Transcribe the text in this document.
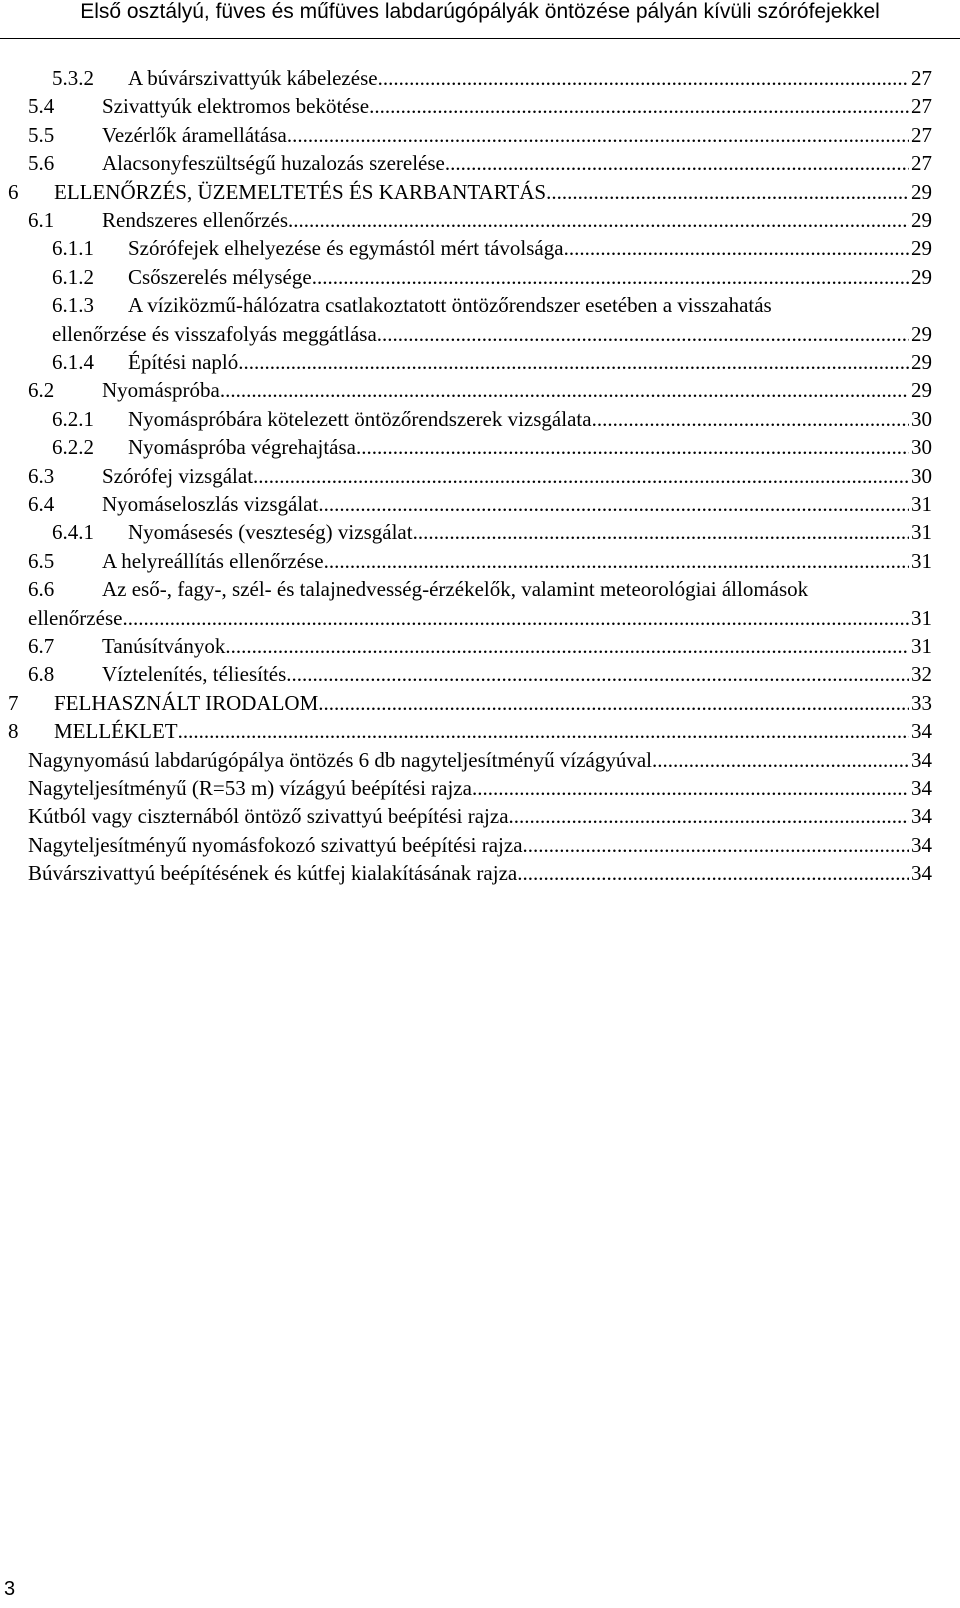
Első osztályú, füves és műfüves labdarúgópályák öntözése pályán kívüli szórófejekkel
5.3.2 A búvárszivattyúk kábelezése .....	27
5.4 Szivattyúk elektromos bekötése .....	27
5.5 Vezérlők áramellátása .....	27
5.6 Alacsonyfeszültségű huzalozás szerelése .....	27
6 ELLENŐRZÉS, ÜZEMELTETÉS ÉS KARBANTARTÁS .....	29
6.1 Rendszeres ellenőrzés .....	29
6.1.1 Szórófejek elhelyezése és egymástól mért távolsága .....	29
6.1.2 Csőszerelés mélysége .....	29
6.1.3 A víziközmű-hálózatra csatlakoztatott öntözőrendszer esetében a visszahatás
ellenőrzése és visszafolyás meggátlása .....	29
6.1.4 Építési napló .....	29
6.2 Nyomáspróba .....	29
6.2.1 Nyomáspróbára kötelezett öntözőrendszerek vizsgálata .....	30
6.2.2 Nyomáspróba végrehajtása .....	30
6.3 Szórófej vizsgálat .....	30
6.4 Nyomáseloszlás vizsgálat .....	31
6.4.1 Nyomásesés (veszteség) vizsgálat .....	31
6.5 A helyreállítás ellenőrzése .....	31
6.6 Az eső-, fagy-, szél- és talajnedvesség-érzékelők, valamint meteorológiai állomások
ellenőrzése .....	31
6.7 Tanúsítványok .....	31
6.8 Víztelenítés, téliesítés .....	32
7 FELHASZNÁLT IRODALOM .....	33
8 MELLÉKLET .....	34
Nagynyomású labdarúgópálya öntözés 6 db nagyteljesítményű vízágyúval .....	34
Nagyteljesítményű (R=53 m) vízágyú beépítési rajza .....	34
Kútból vagy ciszternából öntöző szivattyú beépítési rajza .....	34
Nagyteljesítményű nyomásfokozó szivattyú beépítési rajza .....	34
Búvárszivattyú beépítésének és kútfej kialakításának rajza .....	34
3
